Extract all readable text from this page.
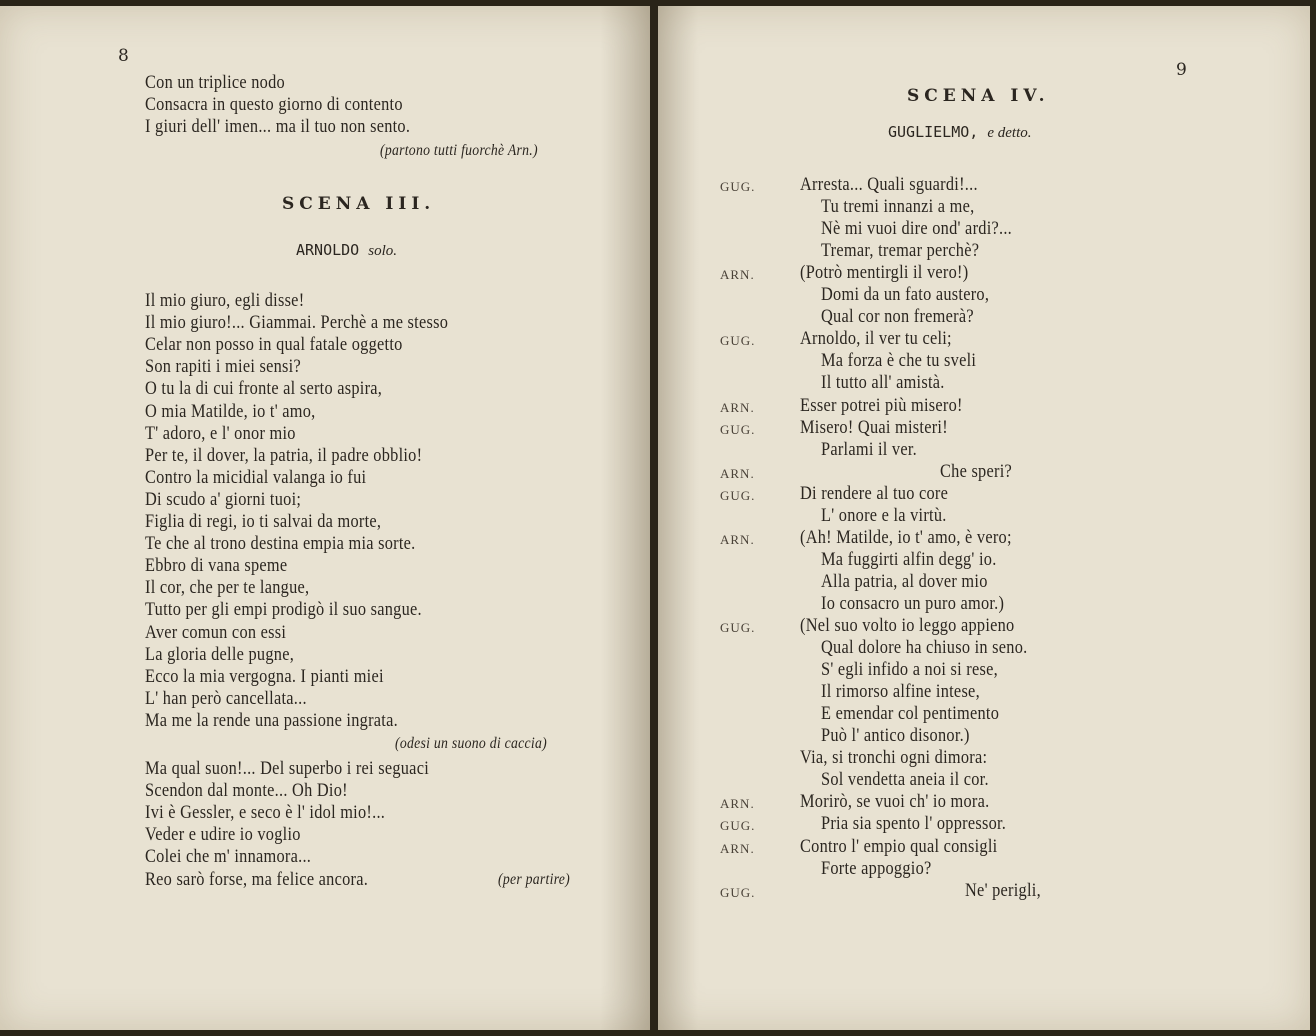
8
Con un triplice nodo
Consacra in questo giorno di contento
I giuri dell' imen... ma il tuo non sento.
(partono tutti fuorchè Arn.)
SCENA III.
ARNOLDO solo.
Il mio giuro, egli disse!
Il mio giuro!... Giammai. Perchè a me stesso
Celar non posso in qual fatale oggetto
Son rapiti i miei sensi?
O tu la di cui fronte al serto aspira,
O mia Matilde, io t' amo,
T' adoro, e l' onor mio
Per te, il dover, la patria, il padre obblio!
Contro la micidial valanga io fui
Di scudo a' giorni tuoi;
Figlia di regi, io ti salvai da morte,
Te che al trono destina empia mia sorte.
Ebbro di vana speme
Il cor, che per te langue,
Tutto per gli empi prodigò il suo sangue.
Aver comun con essi
La gloria delle pugne,
Ecco la mia vergogna. I pianti miei
L' han però cancellata...
Ma me la rende una passione ingrata.
(odesi un suono di caccia)
Ma qual suon!... Del superbo i rei seguaci
Scendon dal monte... Oh Dio!
Ivi è Gessler, e seco è l' idol mio!...
Veder e udire io voglio
Colei che m' innamora...
Reo sarò forse, ma felice ancora.	(per partire)
9
SCENA IV.
GUGLIELMO, e detto.
GUG. Arresta... Quali sguardi!...
Tu tremi innanzi a me,
Nè mi vuoi dire ond' ardi?...
Tremar, tremar perchè?
ARN. (Potrò mentirgli il vero!)
Domi da un fato austero,
Qual cor non fremerà?
GUG. Arnoldo, il ver tu celi;
Ma forza è che tu sveli
Il tutto all' amistà.
ARN. Esser potrei più misero!
GUG. Misero! Quai misteri!
Parlami il ver.
ARN.	Che speri?
GUG. Di rendere al tuo core
L' onore e la virtù.
ARN. (Ah! Matilde, io t' amo, è vero;
Ma fuggirti alfin degg' io.
Alla patria, al dover mio
Io consacro un puro amor.)
GUG. (Nel suo volto io leggo appieno
Qual dolore ha chiuso in seno.
S' egli infido a noi si rese,
Il rimorso alfine intese,
E emendar col pentimento
Può l' antico disonor.)
Via, si tronchi ogni dimora:
Sol vendetta aneia il cor.
ARN. Morirò, se vuoi ch' io mora.
GUG.	Pria sia spento l' oppressor.
ARN. Contro l' empio qual consigli
Forte appoggio?
GUG.	Ne' perigli,
